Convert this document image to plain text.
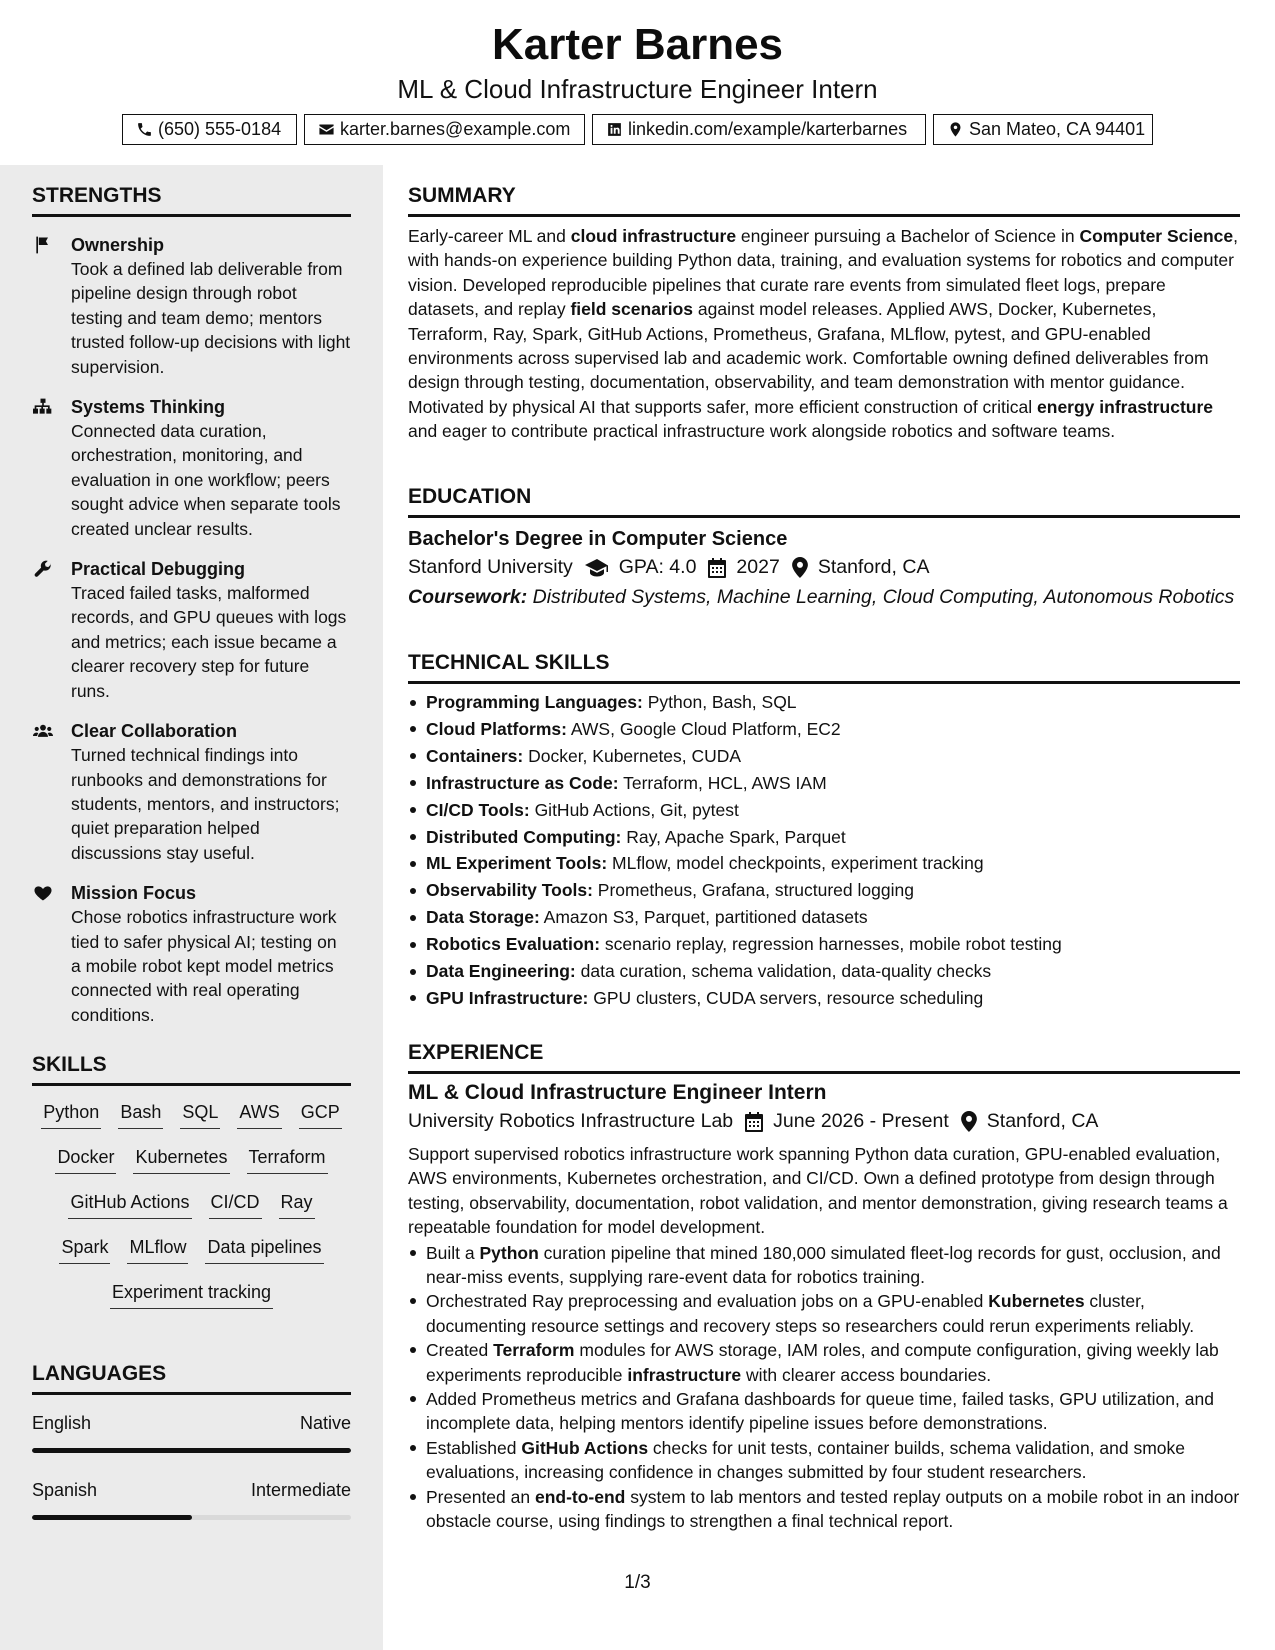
Karter Barnes
ML & Cloud Infrastructure Engineer Intern
(650) 555-0184	karter.barnes@example.com	linkedin.com/example/karterbarnes	San Mateo, CA 94401
STRENGTHS
Ownership
Took a defined lab deliverable from pipeline design through robot testing and team demo; mentors trusted follow-up decisions with light supervision.
Systems Thinking
Connected data curation, orchestration, monitoring, and evaluation in one workflow; peers sought advice when separate tools created unclear results.
Practical Debugging
Traced failed tasks, malformed records, and GPU queues with logs and metrics; each issue became a clearer recovery step for future runs.
Clear Collaboration
Turned technical findings into runbooks and demonstrations for students, mentors, and instructors; quiet preparation helped discussions stay useful.
Mission Focus
Chose robotics infrastructure work tied to safer physical AI; testing on a mobile robot kept model metrics connected with real operating conditions.
SKILLS
Python Bash SQL AWS GCP
Docker Kubernetes Terraform
GitHub Actions CI/CD Ray
Spark MLflow Data pipelines
Experiment tracking
LANGUAGES
English	Native
Spanish	Intermediate
SUMMARY
Early-career ML and cloud infrastructure engineer pursuing a Bachelor of Science in Computer Science, with hands-on experience building Python data, training, and evaluation systems for robotics and computer vision. Developed reproducible pipelines that curate rare events from simulated fleet logs, prepare datasets, and replay field scenarios against model releases. Applied AWS, Docker, Kubernetes, Terraform, Ray, Spark, GitHub Actions, Prometheus, Grafana, MLflow, pytest, and GPU-enabled environments across supervised lab and academic work. Comfortable owning defined deliverables from design through testing, documentation, observability, and team demonstration with mentor guidance. Motivated by physical AI that supports safer, more efficient construction of critical energy infrastructure and eager to contribute practical infrastructure work alongside robotics and software teams.
EDUCATION
Bachelor's Degree in Computer Science
Stanford University GPA: 4.0 2027 Stanford, CA
Coursework: Distributed Systems, Machine Learning, Cloud Computing, Autonomous Robotics
TECHNICAL SKILLS
Programming Languages: Python, Bash, SQL
Cloud Platforms: AWS, Google Cloud Platform, EC2
Containers: Docker, Kubernetes, CUDA
Infrastructure as Code: Terraform, HCL, AWS IAM
CI/CD Tools: GitHub Actions, Git, pytest
Distributed Computing: Ray, Apache Spark, Parquet
ML Experiment Tools: MLflow, model checkpoints, experiment tracking
Observability Tools: Prometheus, Grafana, structured logging
Data Storage: Amazon S3, Parquet, partitioned datasets
Robotics Evaluation: scenario replay, regression harnesses, mobile robot testing
Data Engineering: data curation, schema validation, data-quality checks
GPU Infrastructure: GPU clusters, CUDA servers, resource scheduling
EXPERIENCE
ML & Cloud Infrastructure Engineer Intern
University Robotics Infrastructure Lab June 2026 - Present Stanford, CA
Support supervised robotics infrastructure work spanning Python data curation, GPU-enabled evaluation, AWS environments, Kubernetes orchestration, and CI/CD. Own a defined prototype from design through testing, observability, documentation, robot validation, and mentor demonstration, giving research teams a repeatable foundation for model development.
Built a Python curation pipeline that mined 180,000 simulated fleet-log records for gust, occlusion, and near-miss events, supplying rare-event data for robotics training.
Orchestrated Ray preprocessing and evaluation jobs on a GPU-enabled Kubernetes cluster, documenting resource settings and recovery steps so researchers could rerun experiments reliably.
Created Terraform modules for AWS storage, IAM roles, and compute configuration, giving weekly lab experiments reproducible infrastructure with clearer access boundaries.
Added Prometheus metrics and Grafana dashboards for queue time, failed tasks, GPU utilization, and incomplete data, helping mentors identify pipeline issues before demonstrations.
Established GitHub Actions checks for unit tests, container builds, schema validation, and smoke evaluations, increasing confidence in changes submitted by four student researchers.
Presented an end-to-end system to lab mentors and tested replay outputs on a mobile robot in an indoor obstacle course, using findings to strengthen a final technical report.
1/3
